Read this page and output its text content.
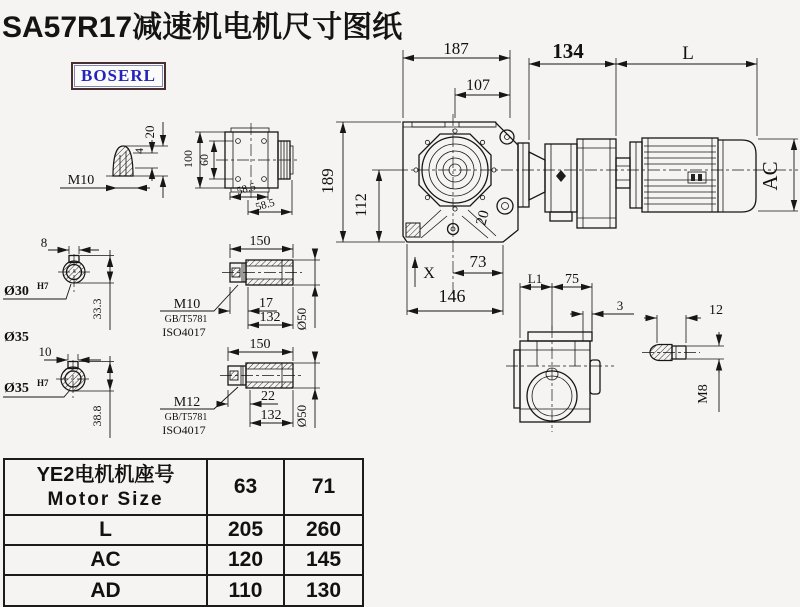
187
107
134	L
189
112
AC
73
146
X
20
M10
4
20
100 60
58.5
58.5
8
Ø30 H7
33.3
Ø35
10
Ø35 H7
38.8
150
17
132 Ø50
M10
GB/T5781
ISO4017
150
22
132 Ø50
M12
GB/T5781
ISO4017
L1 75
3	12
M8
SA57R17减速机电机尺寸图纸
BOSERL
YE2电机机座号
Motor Size	63	71
L	205	260
AC	120	145
AD	110	130
